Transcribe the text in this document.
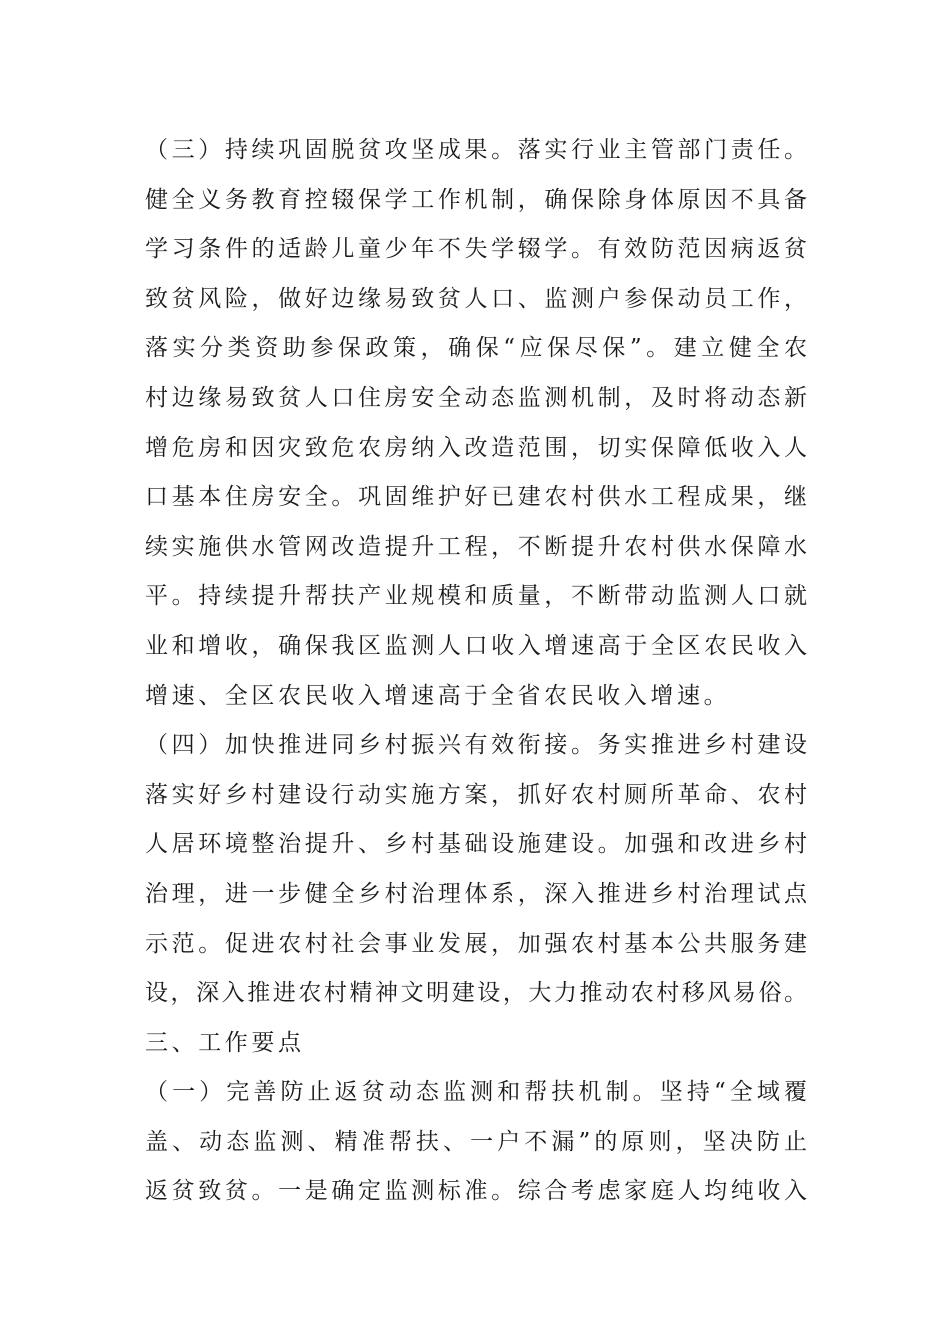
（三）持续巩固脱贫攻坚成果。落实行业主管部门责任。
健全义务教育控辍保学工作机制，确保除身体原因不具备
学习条件的适龄儿童少年不失学辍学。有效防范因病返贫
致贫风险，做好边缘易致贫人口、监测户参保动员工作，
落实分类资助参保政策，确保“应保尽保”。建立健全农
村边缘易致贫人口住房安全动态监测机制，及时将动态新
增危房和因灾致危农房纳入改造范围，切实保障低收入人
口基本住房安全。巩固维护好已建农村供水工程成果，继
续实施供水管网改造提升工程，不断提升农村供水保障水
平。持续提升帮扶产业规模和质量，不断带动监测人口就
业和增收，确保我区监测人口收入增速高于全区农民收入
增速、全区农民收入增速高于全省农民收入增速。
（四）加快推进同乡村振兴有效衔接。务实推进乡村建设
落实好乡村建设行动实施方案，抓好农村厕所革命、农村
人居环境整治提升、乡村基础设施建设。加强和改进乡村
治理，进一步健全乡村治理体系，深入推进乡村治理试点
示范。促进农村社会事业发展，加强农村基本公共服务建
设，深入推进农村精神文明建设，大力推动农村移风易俗。
三、工作要点
（一）完善防止返贫动态监测和帮扶机制。坚持“全域覆
盖、动态监测、精准帮扶、一户不漏”的原则，坚决防止
返贫致贫。一是确定监测标准。综合考虑家庭人均纯收入
